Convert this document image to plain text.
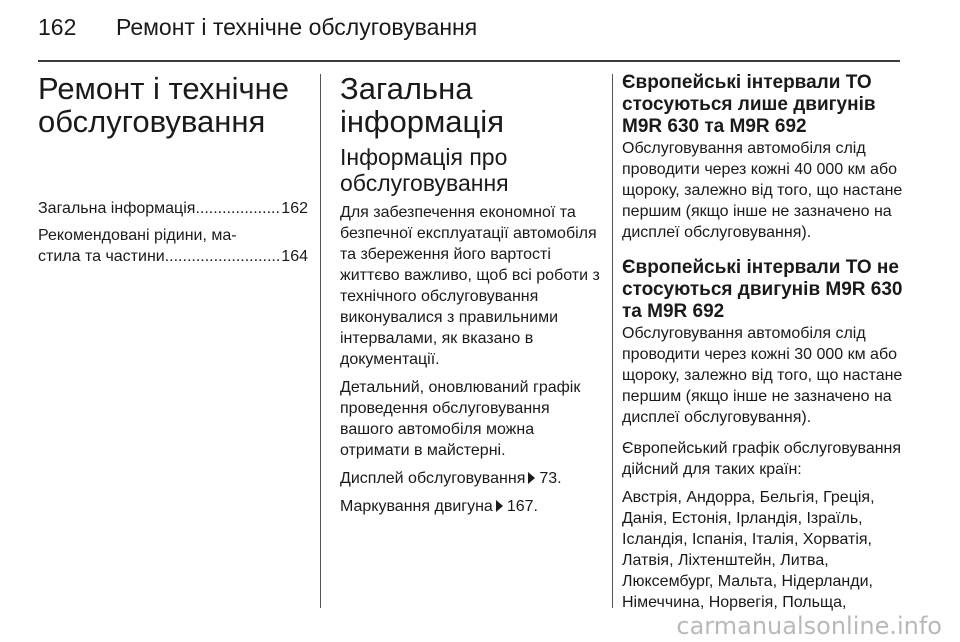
162 Ремонт і технічне обслуговування
Ремонт і технічне
обслуговування
Загальна інформація .....	162
Рекомендовані рідини, ма-
стила та частини .....	164
Загальна інформація
Інформація про
обслуговування

Для забезпечення економної та безпечної експлуатації автомобіля та збереження його вартості життєво важливо, щоб всі роботи з технічного обслуговування виконувалися з правильними інтервалами, як вказано в документації.

Детальний, оновлюваний графік проведення обслуговування вашого автомобіля можна отримати в майстерні.

Дисплей обслуговування 73.

Маркування двигуна 167.

Європейські інтервали ТО стосуються лише двигунів M9R 630 та M9R 692

Обслуговування автомобіля слід проводити через кожні 40 000 км або щороку, залежно від того, що настане першим (якщо інше не зазначено на дисплеї обслуговування).

Європейські інтервали ТО не стосуються двигунів M9R 630 та M9R 692

Обслуговування автомобіля слід проводити через кожні 30 000 км або щороку, залежно від того, що настане першим (якщо інше не зазначено на дисплеї обслуговування).

Європейський графік обслуговування дійсний для таких країн:

Австрія, Андорра, Бельгія, Греція, Данія, Естонія, Ірландія, Ізраїль, Ісландія, Іспанія, Італія, Хорватія, Латвія, Ліхтенштейн, Литва, Люксембург, Мальта, Нідерланди, Німеччина, Норвегія, Польща,

carmanualsonline.info
